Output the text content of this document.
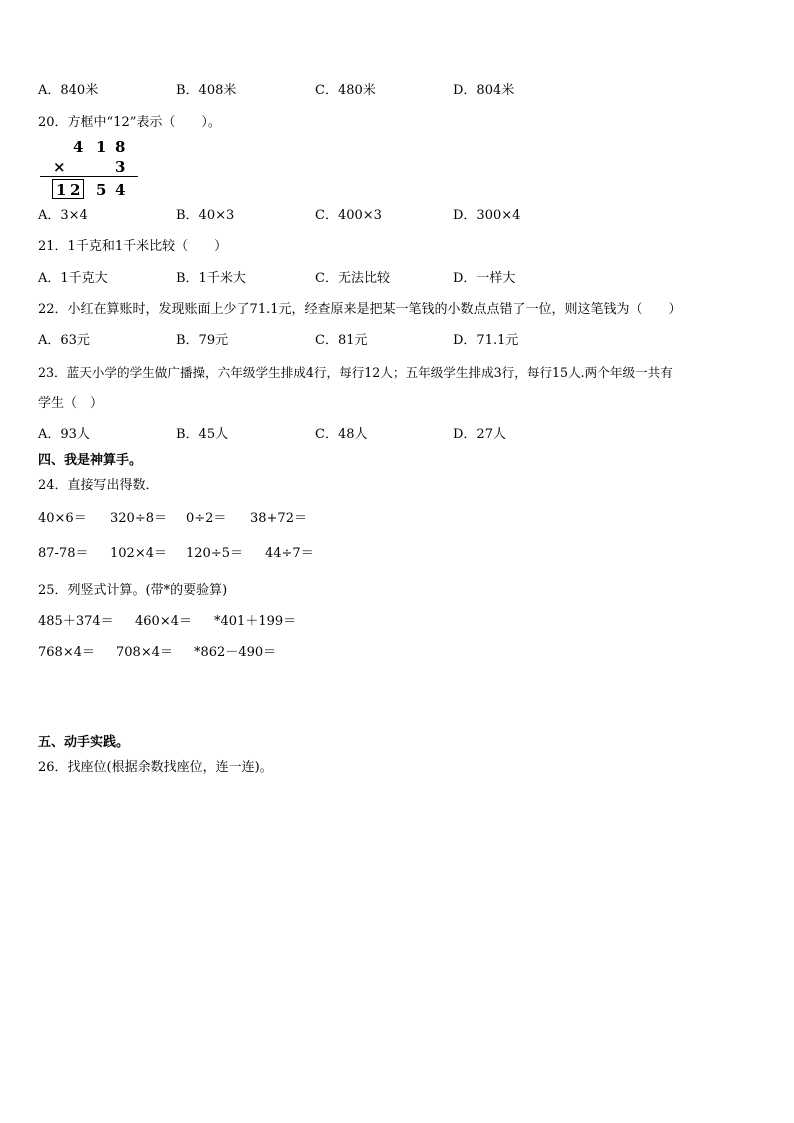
A．840米	B．408米	C．480米	D．804米
20．方框中“12”表示（　　）。
4 1 8
×	3
1 2 5 4
A．3×4	B．40×3	C．400×3	D．300×4
21．1千克和1千米比较（　　）
A．1千克大	B．1千米大	C．无法比较	D．一样大
22．小红在算账时，发现账面上少了71.1元，经查原来是把某一笔钱的小数点点错了一位，则这笔钱为（　　）
A．63元	B．79元	C．81元	D．71.1元
23．蓝天小学的学生做广播操，六年级学生排成4行，每行12人；五年级学生排成3行，每行15人.两个年级一共有
学生（　）
A．93人	B．45人	C．48人	D．27人
四、我是神算手。
24．直接写出得数．
40×6＝ 320÷8＝ 0÷2＝ 38+72＝
87-78＝ 102×4＝ 120÷5＝ 44÷7＝
25．列竖式计算。(带*的要验算)
485＋374＝ 460×4＝ *401＋199＝
768×4＝ 708×4＝ *862－490＝
五、动手实践。
26．找座位(根据余数找座位，连一连)。
